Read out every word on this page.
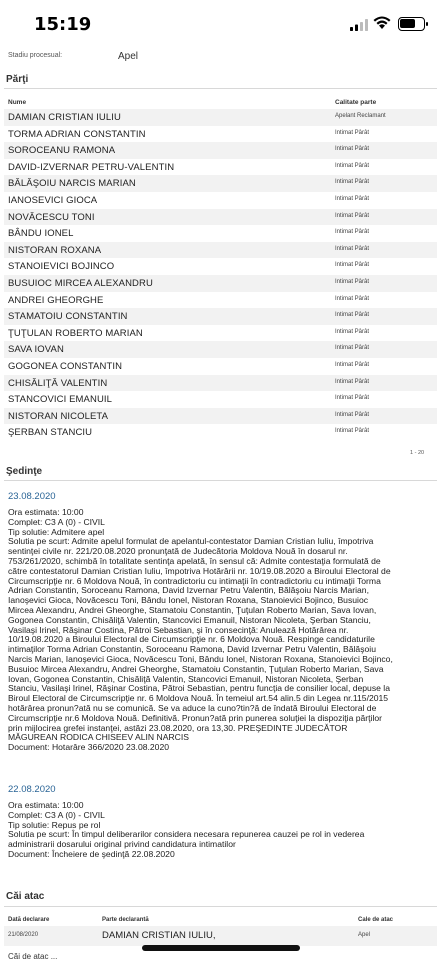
15:19
Stadiu procesual:	Apel
Părţi
Nume	Calitate parte
DAMIAN CRISTIAN IULIU	Apelant Reclamant
TORMA ADRIAN CONSTANTIN	Intimat Pârât
SOROCEANU RAMONA	Intimat Pârât
DAVID-IZVERNAR PETRU-VALENTIN	Intimat Pârât
BĂLĂŞOIU NARCIS MARIAN	Intimat Pârât
IANOSEVICI GIOCA	Intimat Pârât
NOVĂCESCU TONI	Intimat Pârât
BÂNDU IONEL	Intimat Pârât
NISTORAN ROXANA	Intimat Pârât
STANOIEVICI BOJINCO	Intimat Pârât
BUSUIOC MIRCEA ALEXANDRU	Intimat Pârât
ANDREI GHEORGHE	Intimat Pârât
STAMATOIU CONSTANTIN	Intimat Pârât
ŢUŢULAN ROBERTO MARIAN	Intimat Pârât
SAVA IOVAN	Intimat Pârât
GOGONEA CONSTANTIN	Intimat Pârât
CHISĂLIŢĂ VALENTIN	Intimat Pârât
STANCOVICI EMANUIL	Intimat Pârât
NISTORAN NICOLETA	Intimat Pârât
ŞERBAN STANCIU	Intimat Pârât
1 - 20
Şedinţe
23.08.2020
Ora estimata: 10:00
Complet: C3 A (0) - CIVIL
Tip solutie: Admitere apel
Solutia pe scurt: Admite apelul formulat de apelantul-contestator Damian Cristian Iuliu, împotriva
sentinţei civile nr. 221/20.08.2020 pronunţată de Judecătoria Moldova Nouă în dosarul nr.
753/261/2020, schimbă în totalitate sentinţa apelată, în sensul că: Admite contestaţia formulată de
către contestatorul Damian Cristian Iuliu, împotriva Hotărârii nr. 10/19.08.2020 a Biroului Electoral de
Circumscripţie nr. 6 Moldova Nouă, în contradictoriu cu intimaţii în contradictoriu cu intimaţii Torma
Adrian Constantin, Soroceanu Ramona, David Izvernar Petru Valentin, Bălăşoiu Narcis Marian,
Ianoşevici Gioca, Novăcescu Toni, Bându Ionel, Nistoran Roxana, Stanoievici Bojinco, Busuioc
Mircea Alexandru, Andrei Gheorghe, Stamatoiu Constantin, Ţuţulan Roberto Marian, Sava Iovan,
Gogonea Constantin, Chisăliţă Valentin, Stancovici Emanuil, Nistoran Nicoleta, Şerban Stanciu,
Vasilaşi Irinel, Răşinar Costina, Pătroi Sebastian, şi în consecinţă: Anulează Hotărârea nr.
10/19.08.2020 a Biroului Electoral de Circumscripţie nr. 6 Moldova Nouă. Respinge candidaturile
intimaţilor Torma Adrian Constantin, Soroceanu Ramona, David Izvernar Petru Valentin, Bălăşoiu
Narcis Marian, Ianoşevici Gioca, Novăcescu Toni, Bându Ionel, Nistoran Roxana, Stanoievici Bojinco,
Busuioc Mircea Alexandru, Andrei Gheorghe, Stamatoiu Constantin, Ţuţulan Roberto Marian, Sava
Iovan, Gogonea Constantin, Chisăliţă Valentin, Stancovici Emanuil, Nistoran Nicoleta, Şerban
Stanciu, Vasilaşi Irinel, Răşinar Costina, Pătroi Sebastian, pentru funcţia de consilier local, depuse la
Biroul Electoral de Circumscripţie nr. 6 Moldova Nouă. În temeiul art.54 alin.5 din Legea nr.115/2015
hotărârea pronun?ată nu se comunică. Se va aduce la cuno?tin?ă de îndată Biroului Electoral de
Circumscripţie nr.6 Moldova Nouă. Definitivă. Pronun?ată prin punerea soluţiei la dispoziţia părţilor
prin mijlocirea grefei instanţei, astăzi 23.08.2020, ora 13,30. PREŞEDINTE JUDECĂTOR
MĂGUREAN RODICA CHISEEV ALIN NARCIS
Document: Hotarâre 366/2020 23.08.2020
22.08.2020
Ora estimata: 10:00
Complet: C3 A (0) - CIVIL
Tip solutie: Repus pe rol
Solutia pe scurt: În timpul deliberarilor considera necesara repunerea cauzei pe rol in vederea
administrarii dosarului original privind candidatura intimatilor
Document: Încheiere de şedinţă 22.08.2020
Căi atac
Dată declarare	Parte declarantă	Cale de atac
21/08/2020	DAMIAN CRISTIAN IULIU,	Apel
Căi de atac ...
